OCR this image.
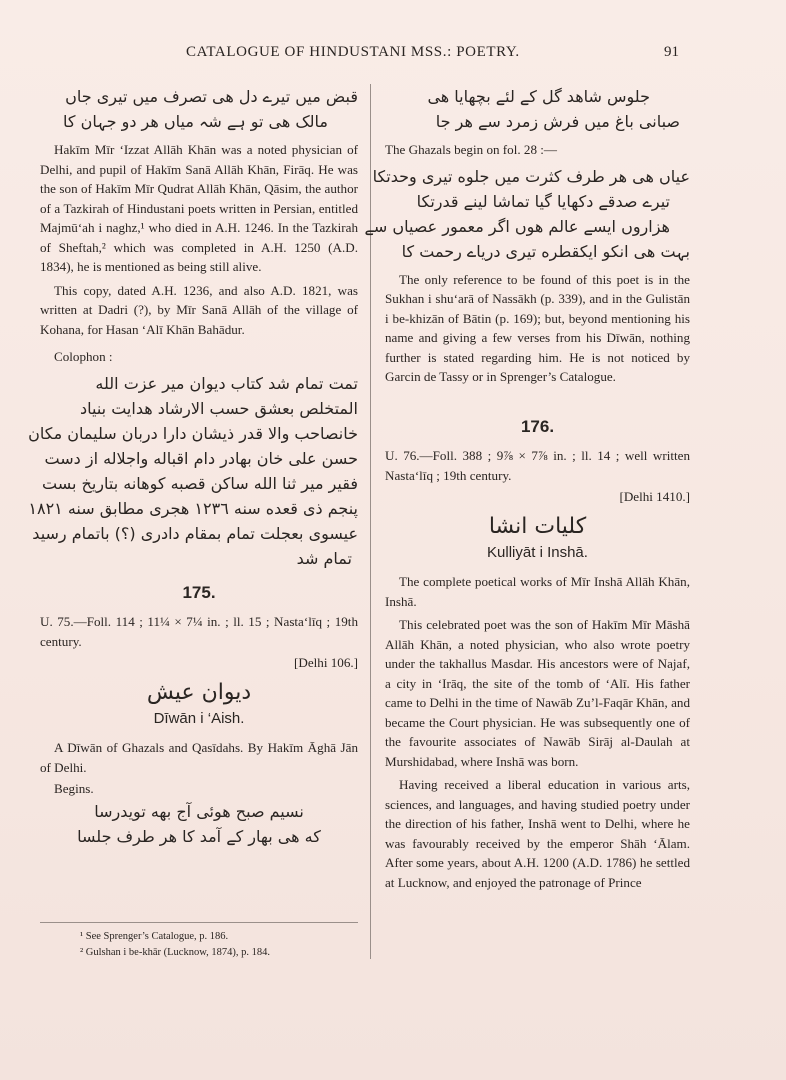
CATALOGUE OF HINDUSTANI MSS.: POETRY.	91
قبض میں تیرے دل ھی تصرف میں تیری جاں
مالک ھی تو ہے شہ میاں ھر دو جہان کا

Hakīm Mīr ‘Izzat Allāh Khān was a noted physician of Delhi, and pupil of Hakīm Sanā Allāh Khān, Firāq. He was the son of Hakīm Mīr Qudrat Allāh Khān, Qāsim, the author of a Tazkirah of Hindustani poets written in Persian, entitled Majmū‘ah i naghz,¹ who died in A.H. 1246. In the Tazkirah of Sheftah,² which was completed in A.H. 1250 (A.D. 1834), he is mentioned as being still alive.

This copy, dated A.H. 1236, and also A.D. 1821, was written at Dadri (?), by Mīr Sanā Allāh of the village of Kohana, for Hasan ‘Alī Khān Bahādur.

Colophon :
تمت تمام شد کتاب دیوان میر عزت الله
المتخلص بعشق حسب الارشاد هدایت بنیاد
خانصاحب والا قدر ذیشان دارا دربان سلیمان مکان
حسن علی خان بهادر دام اقباله واجلاله از دست
فقیر میر ثنا الله ساکن قصبه کوهانه بتاریخ بست
پنجم ذی قعده سنه ١٢٣٦ هجری مطابق سنه ١٨٢١
عیسوی بعجلت تمام بمقام دادری (؟) باتمام رسید
تمام شد
175.

U. 75.—Foll. 114 ; 11¼ × 7¼ in. ; ll. 15 ; Nasta‘līq ; 19th century.

[Delhi 106.]
دیوان عیش
Dīwān i ‘Aish.

A Dīwān of Ghazals and Qasīdahs. By Hakīm Āghā Jān of Delhi.

Begins.
نسیم صبح هوئی آج بهه تویدرسا
که هی بهار کے آمد کا هر طرف جلسا
¹ See Sprenger’s Catalogue, p. 186.
² Gulshan i be-khār (Lucknow, 1874), p. 184.
جلوس شاهد گل کے لئے بچھایا هی
صبانی باغ میں فرش زمرد سے هر جا
The Ghazals begin on fol. 28 :—
عیاں هی هر طرف کثرت میں جلوه تیری وحدتکا
تیرے صدقے دکهایا گیا تماشا لینے قدرتکا
هزاروں ایسے عالم هوں اگر معمور عصیاں سے
بہت هی انکو ایکقطره تیری دریاے رحمت کا

The only reference to be found of this poet is in the Sukhan i shu‘arā of Nassākh (p. 339), and in the Gulistān i be-khizān of Bātin (p. 169); but, beyond mentioning his name and giving a few verses from his Dīwān, nothing further is stated regarding him. He is not noticed by Garcin de Tassy or in Sprenger’s Catalogue.

176.

U. 76.—Foll. 388 ; 9⅞ × 7⅞ in. ; ll. 14 ; well written Nasta‘līq ; 19th century.

[Delhi 1410.]
کلیات انشا
Kulliyāt i Inshā.

The complete poetical works of Mīr Inshā Allāh Khān, Inshā.

This celebrated poet was the son of Hakīm Mīr Māshā Allāh Khān, a noted physician, who also wrote poetry under the takhallus Masdar. His ancestors were of Najaf, a city in ‘Irāq, the site of the tomb of ‘Alī. His father came to Delhi in the time of Nawāb Zu’l-Faqār Khān, and became the Court physician. He was subsequently one of the favourite associates of Nawāb Sirāj al-Daulah at Murshidabad, where Inshā was born.

Having received a liberal education in various arts, sciences, and languages, and having studied poetry under the direction of his father, Inshā went to Delhi, where he was favourably received by the emperor Shāh ‘Ālam. After some years, about A.H. 1200 (A.D. 1786) he settled at Lucknow, and enjoyed the patronage of Prince
